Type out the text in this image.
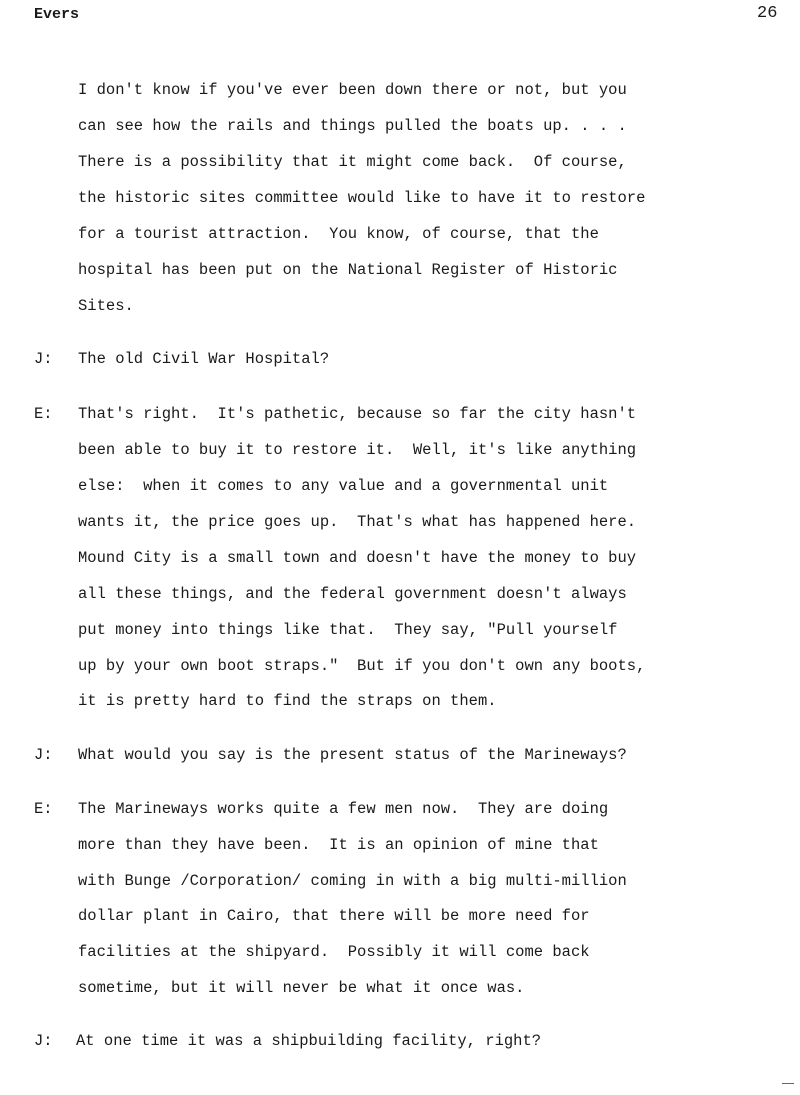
Evers	26
I don't know if you've ever been down there or not, but you
can see how the rails and things pulled the boats up. . . .
There is a possibility that it might come back.  Of course,
the historic sites committee would like to have it to restore
for a tourist attraction.  You know, of course, that the
hospital has been put on the National Register of Historic
Sites.
J: The old Civil War Hospital?
E: That's right.  It's pathetic, because so far the city hasn't
been able to buy it to restore it.  Well, it's like anything
else:  when it comes to any value and a governmental unit
wants it, the price goes up.  That's what has happened here.
Mound City is a small town and doesn't have the money to buy
all these things, and the federal government doesn't always
put money into things like that.  They say, "Pull yourself
up by your own boot straps."  But if you don't own any boots,
it is pretty hard to find the straps on them.
J: What would you say is the present status of the Marineways?
E: The Marineways works quite a few men now.  They are doing
more than they have been.  It is an opinion of mine that
with Bunge /Corporation/ coming in with a big multi-million
dollar plant in Cairo, that there will be more need for
facilities at the shipyard.  Possibly it will come back
sometime, but it will never be what it once was.
J: At one time it was a shipbuilding facility, right?
